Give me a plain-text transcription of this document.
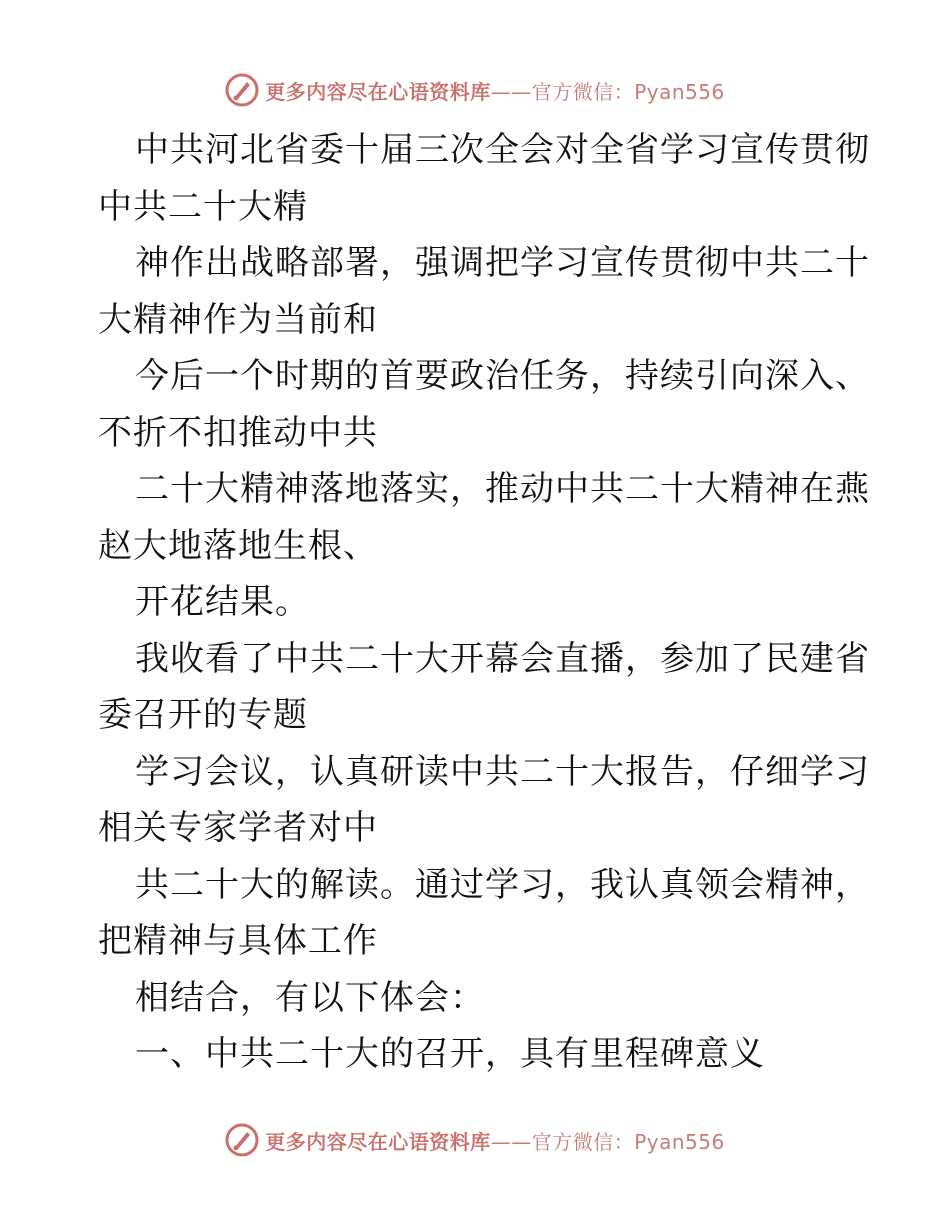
更多内容尽在心语资料库 ——官方微信：Pyan556
中共河北省委十届三次全会对全省学习宣传贯彻
中共二十大精
神作出战略部署，强调把学习宣传贯彻中共二十
大精神作为当前和
今后一个时期的首要政治任务，持续引向深入、
不折不扣推动中共
二十大精神落地落实，推动中共二十大精神在燕
赵大地落地生根、
开花结果。
我收看了中共二十大开幕会直播，参加了民建省
委召开的专题
学习会议，认真研读中共二十大报告，仔细学习
相关专家学者对中
共二十大的解读。通过学习，我认真领会精神，
把精神与具体工作
相结合，有以下体会：
一、中共二十大的召开，具有里程碑意义
更多内容尽在心语资料库 ——官方微信：Pyan556
